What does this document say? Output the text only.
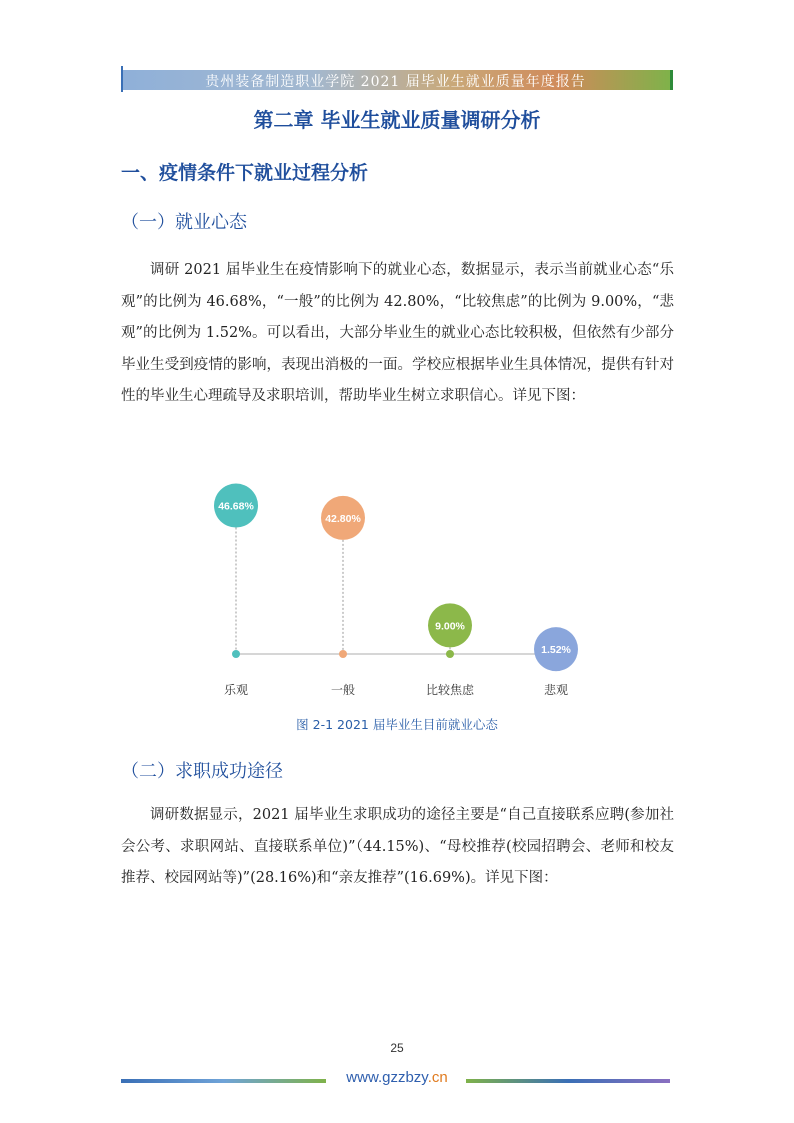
贵州装备制造职业学院 2021 届毕业生就业质量年度报告
第二章 毕业生就业质量调研分析
一、疫情条件下就业过程分析
（一）就业心态
调研 2021 届毕业生在疫情影响下的就业心态，数据显示，表示当前就业心态“乐观”的比例为 46.68%，“一般”的比例为 42.80%，“比较焦虑”的比例为 9.00%，“悲观”的比例为 1.52%。可以看出，大部分毕业生的就业心态比较积极，但依然有少部分毕业生受到疫情的影响，表现出消极的一面。学校应根据毕业生具体情况，提供有针对性的毕业生心理疏导及求职培训，帮助毕业生树立求职信心。详见下图：
46.68%
乐观
42.80%
一般
9.00%
比较焦虑
1.52%
悲观
图 2-1 2021 届毕业生目前就业心态
（二）求职成功途径
调研数据显示，2021 届毕业生求职成功的途径主要是“自己直接联系应聘(参加社会公考、求职网站、直接联系单位)”（44.15%)、“母校推荐(校园招聘会、老师和校友推荐、校园网站等)”(28.16%)和“亲友推荐”(16.69%)。详见下图：
25
www.gzzbzy.cn
